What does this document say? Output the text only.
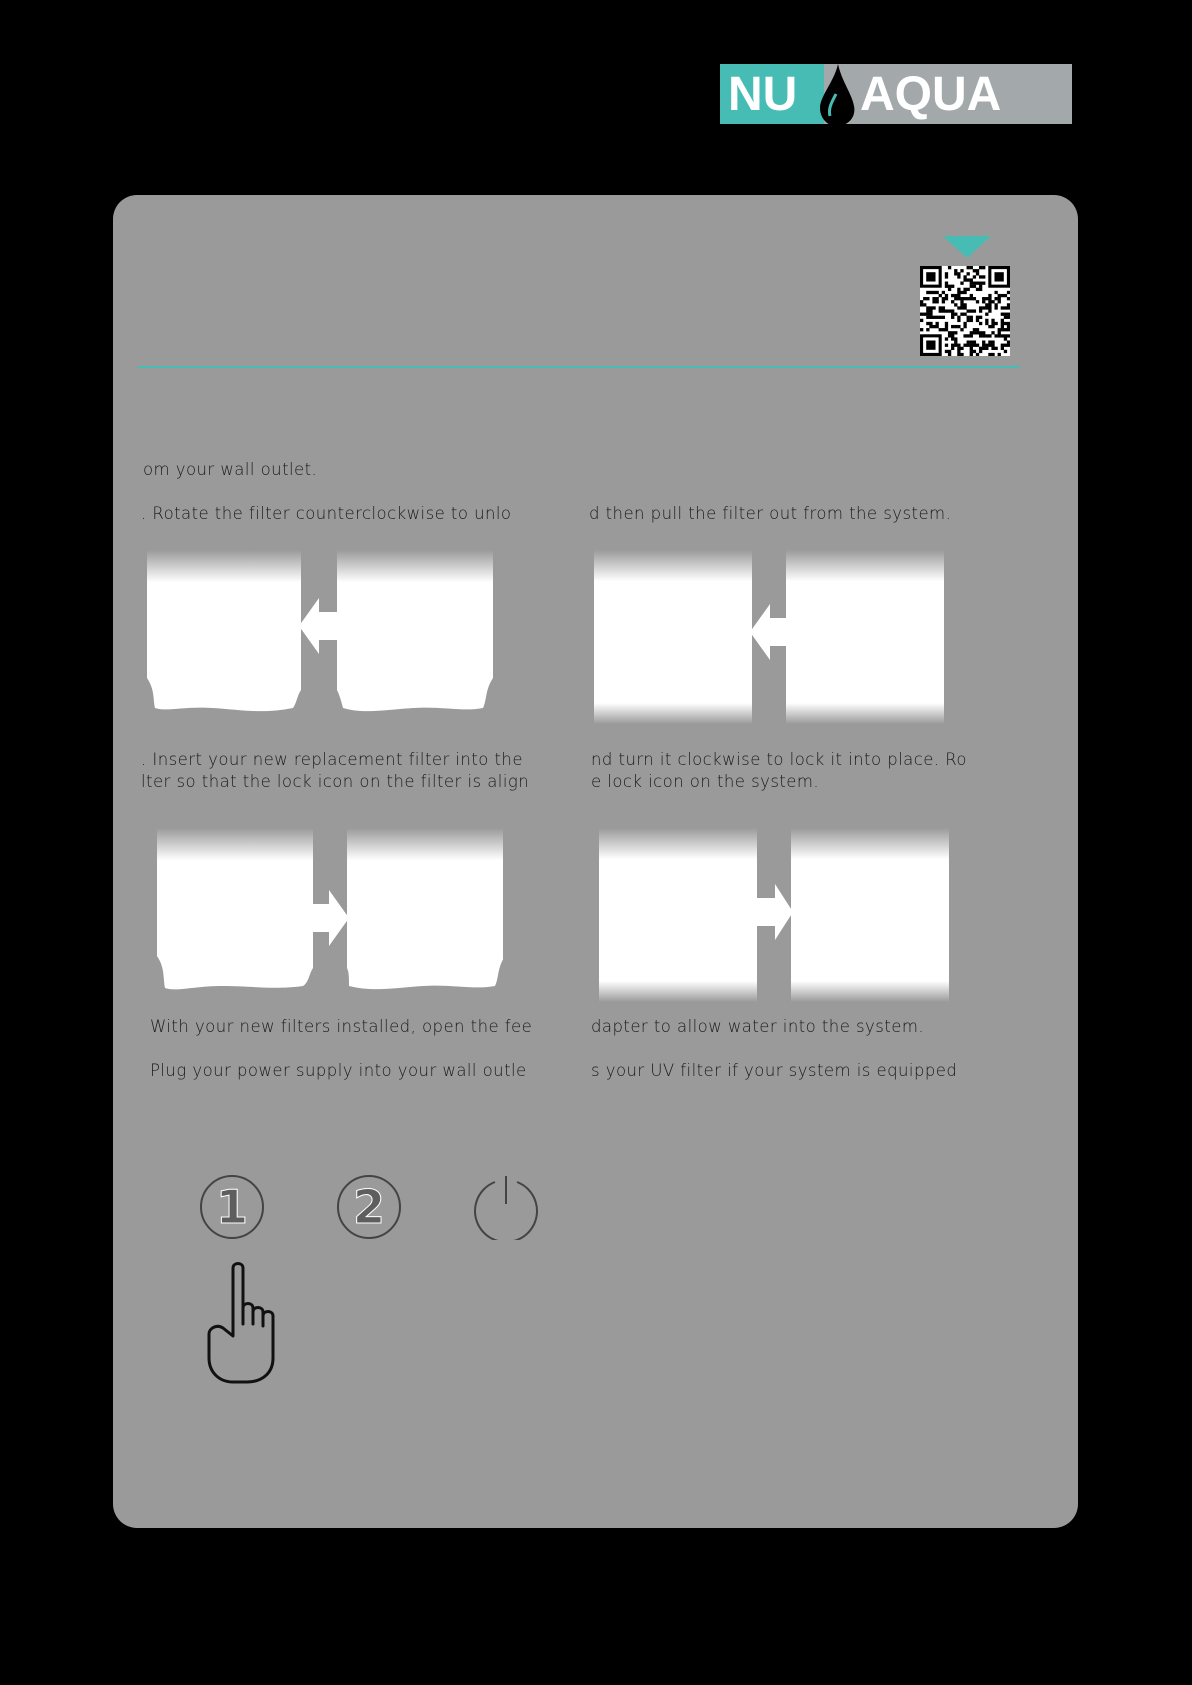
NU AQUA
om your wall outlet.
. Rotate the filter counterclockwise to unlo	d then pull the filter out from the system.
. Insert your new replacement filter into the	nd turn it clockwise to lock it into place. Ro
lter so that the lock icon on the filter is align	e lock icon on the system.
With your new filters installed, open the fee	dapter to allow water into the system.
Plug your power supply into your wall outle	s your UV filter if your system is equipped
1 2
